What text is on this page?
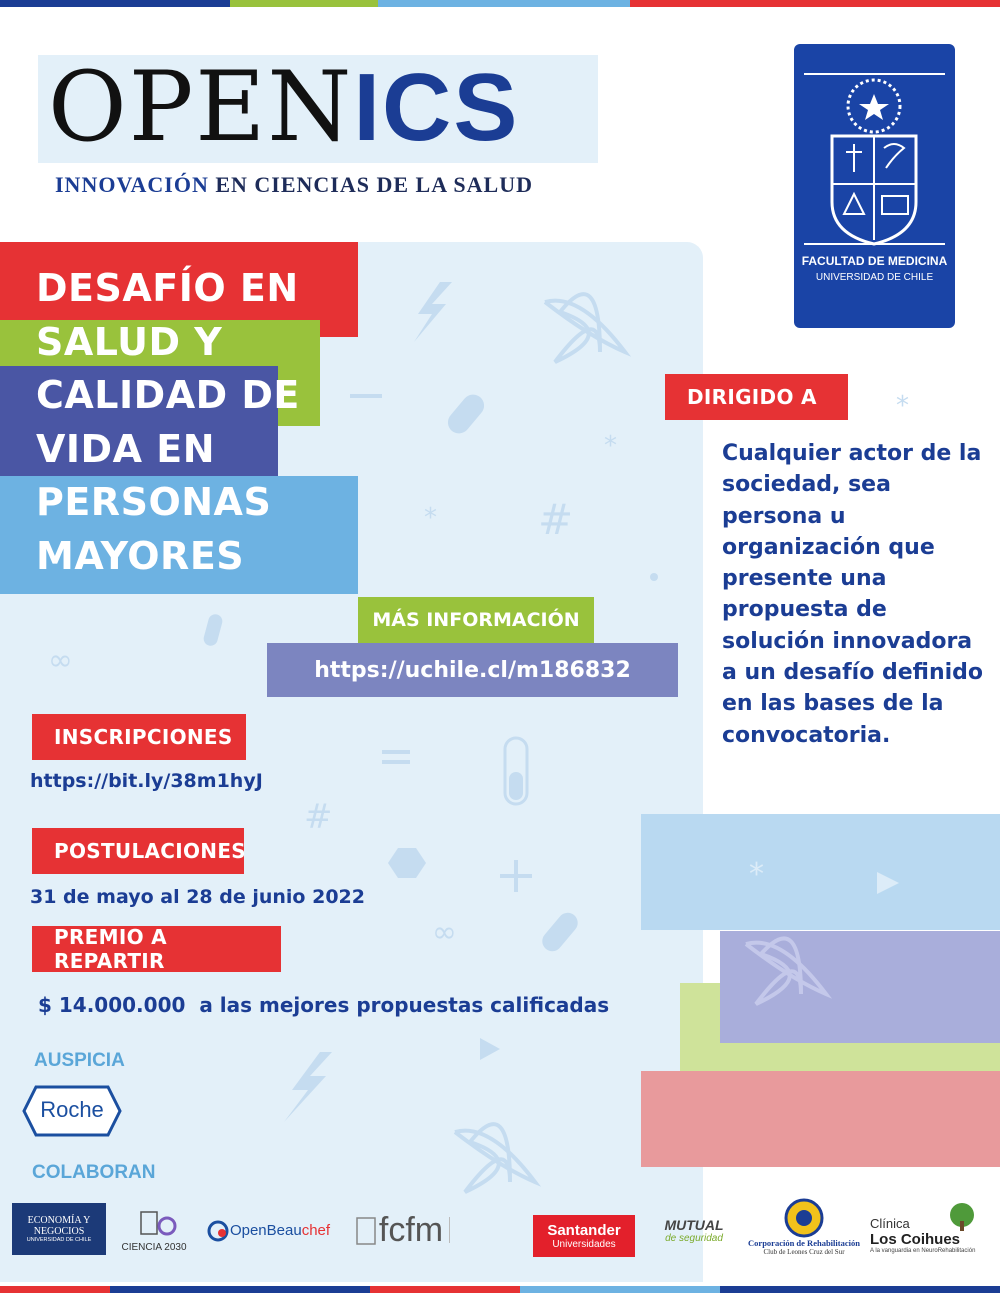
#
#
*
*
∞
∞
OPENICS
INNOVACIÓN EN CIENCIAS DE LA SALUD
FACULTAD DE MEDICINA
UNIVERSIDAD DE CHILE
DESAFÍO EN
SALUD Y
CALIDAD DE
VIDA EN
PERSONAS
MAYORES
MÁS INFORMACIÓN
https://uchile.cl/m186832
DIRIGIDO A	*
Cualquier actor de la sociedad, sea persona u organización que presente una propuesta de solución innovadora a un desafío definido en las bases de la convocatoria.
INSCRIPCIONES
https://bit.ly/38m1hyJ
POSTULACIONES
31 de mayo al 28 de junio 2022
PREMIO A REPARTIR
$ 14.000.000 a las mejores propuestas calificadas
*
AUSPICIA
Roche
COLABORAN
ECONOMÍA Y
NEGOCIOS
UNIVERSIDAD DE CHILE
CIENCIA 2030
OpenBeau chef fcfm	Santander
Universidades
MUTUAL
de seguridad	Corporación de Rehabilitación
Club de Leones Cruz del Sur
Clínica
Los Coihues
A la vanguardia en NeuroRehabilitación
